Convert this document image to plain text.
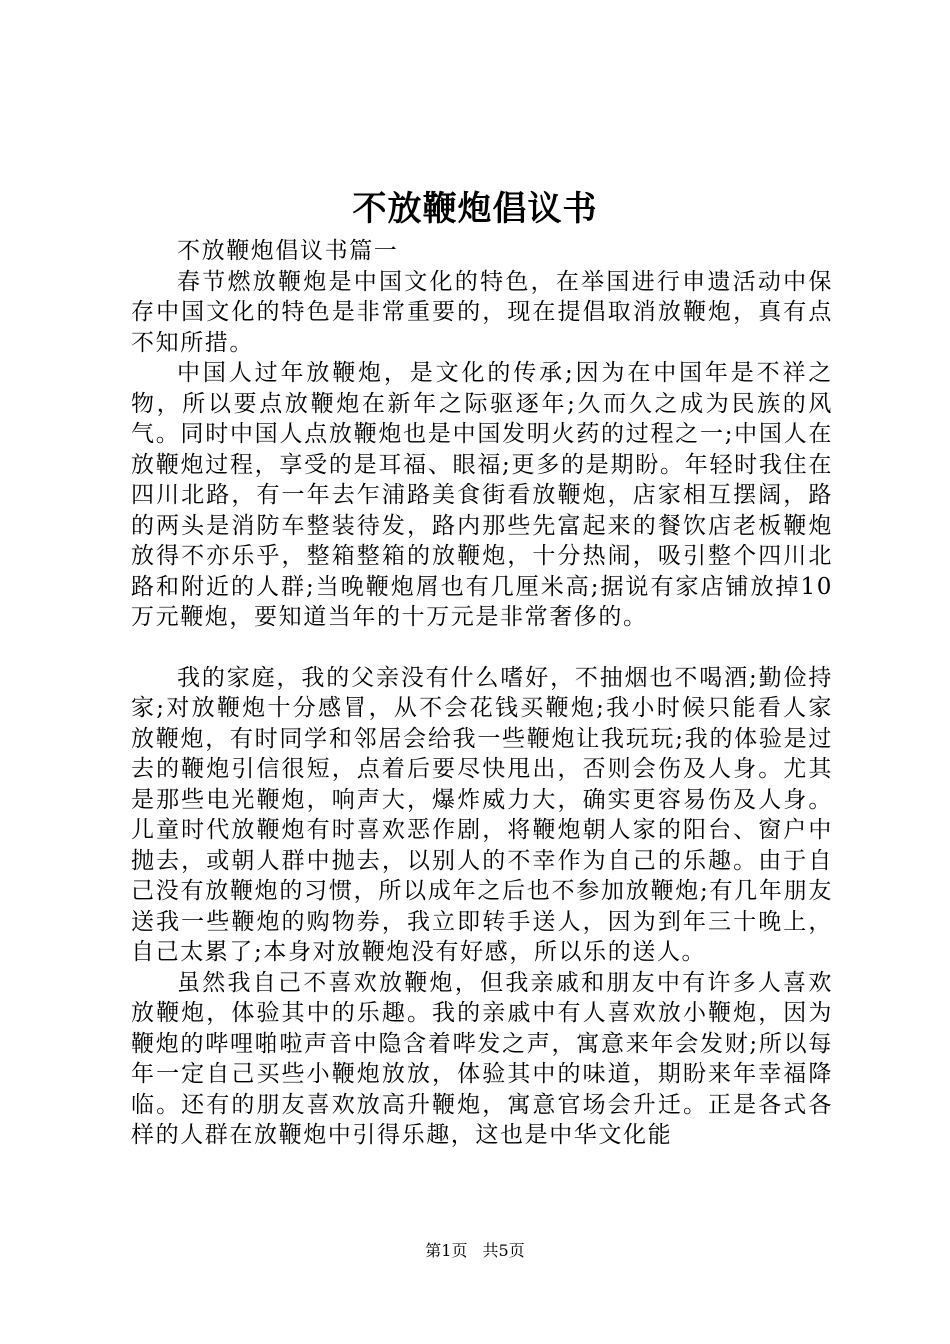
不放鞭炮倡议书

不放鞭炮倡议书篇一

春节燃放鞭炮是中国文化的特色，在举国进行申遗活动中保存中国文化的特色是非常重要的，现在提倡取消放鞭炮，真有点不知所措。

中国人过年放鞭炮，是文化的传承;因为在中国年是不祥之物，所以要点放鞭炮在新年之际驱逐年;久而久之成为民族的风气。同时中国人点放鞭炮也是中国发明火药的过程之一;中国人在放鞭炮过程，享受的是耳福、眼福;更多的是期盼。年轻时我住在四川北路，有一年去乍浦路美食街看放鞭炮，店家相互摆阔，路的两头是消防车整装待发，路内那些先富起来的餐饮店老板鞭炮放得不亦乐乎，整箱整箱的放鞭炮，十分热闹，吸引整个四川北路和附近的人群;当晚鞭炮屑也有几厘米高;据说有家店铺放掉10万元鞭炮，要知道当年的十万元是非常奢侈的。

我的家庭，我的父亲没有什么嗜好，不抽烟也不喝酒;勤俭持家;对放鞭炮十分感冒，从不会花钱买鞭炮;我小时候只能看人家放鞭炮，有时同学和邻居会给我一些鞭炮让我玩玩;我的体验是过去的鞭炮引信很短，点着后要尽快甩出，否则会伤及人身。尤其是那些电光鞭炮，响声大，爆炸威力大，确实更容易伤及人身。儿童时代放鞭炮有时喜欢恶作剧，将鞭炮朝人家的阳台、窗户中抛去，或朝人群中抛去，以别人的不幸作为自己的乐趣。由于自己没有放鞭炮的习惯，所以成年之后也不参加放鞭炮;有几年朋友送我一些鞭炮的购物券，我立即转手送人，因为到年三十晚上，自己太累了;本身对放鞭炮没有好感，所以乐的送人。

虽然我自己不喜欢放鞭炮，但我亲戚和朋友中有许多人喜欢放鞭炮，体验其中的乐趣。我的亲戚中有人喜欢放小鞭炮，因为鞭炮的哔哩啪啦声音中隐含着哔发之声，寓意来年会发财;所以每年一定自己买些小鞭炮放放，体验其中的味道，期盼来年幸福降临。还有的朋友喜欢放高升鞭炮，寓意官场会升迁。正是各式各样的人群在放鞭炮中引得乐趣，这也是中华文化能

第1页 共5页
